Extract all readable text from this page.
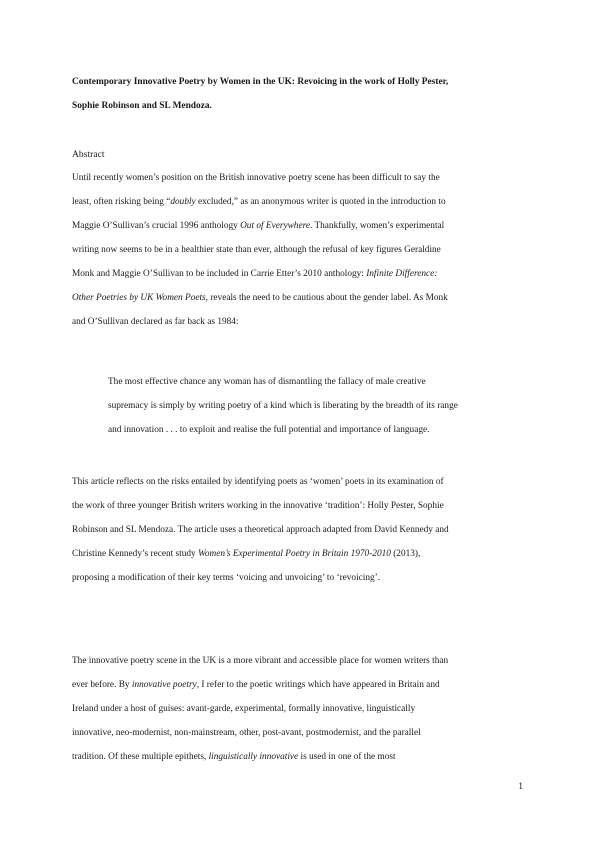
Contemporary Innovative Poetry by Women in the UK: Revoicing in the work of Holly Pester,
Sophie Robinson and SL Mendoza.
Abstract
Until recently women’s position on the British innovative poetry scene has been difficult to say the
least, often risking being “doubly excluded,” as an anonymous writer is quoted in the introduction to
Maggie O’Sullivan’s crucial 1996 anthology Out of Everywhere. Thankfully, women’s experimental
writing now seems to be in a healthier state than ever, although the refusal of key figures Geraldine
Monk and Maggie O’Sullivan to be included in Carrie Etter’s 2010 anthology: Infinite Difference:
Other Poetries by UK Women Poets, reveals the need to be cautious about the gender label. As Monk
and O’Sullivan declared as far back as 1984:
The most effective chance any woman has of dismantling the fallacy of male creative
supremacy is simply by writing poetry of a kind which is liberating by the breadth of its range
and innovation . . . to exploit and realise the full potential and importance of language.
This article reflects on the risks entailed by identifying poets as ‘women’ poets in its examination of
the work of three younger British writers working in the innovative ‘tradition’: Holly Pester, Sophie
Robinson and SL Mendoza. The article uses a theoretical approach adapted from David Kennedy and
Christine Kennedy’s recent study Women’s Experimental Poetry in Britain 1970-2010 (2013),
proposing a modification of their key terms ‘voicing and unvoicing’ to ‘revoicing’.
The innovative poetry scene in the UK is a more vibrant and accessible place for women writers than
ever before. By innovative poetry, I refer to the poetic writings which have appeared in Britain and
Ireland under a host of guises: avant-garde, experimental, formally innovative, linguistically
innovative, neo-modernist, non-mainstream, other, post-avant, postmodernist, and the parallel
tradition. Of these multiple epithets, linguistically innovative is used in one of the most
1
